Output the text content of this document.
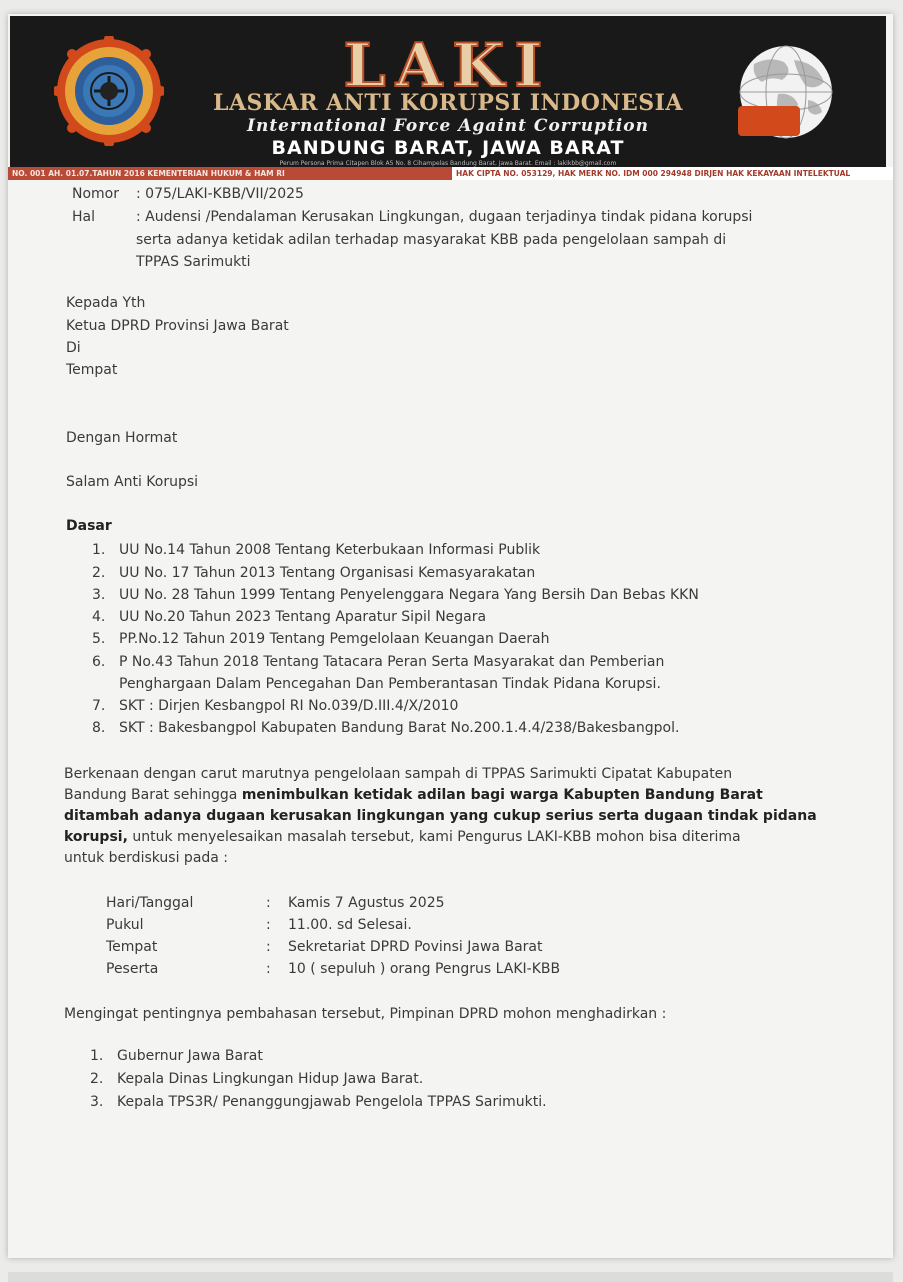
LAKI
LASKAR ANTI KORUPSI INDONESIA
International Force Againt Corruption
BANDUNG BARAT, JAWA BARAT
Perum Persona Prima Citapen Blok A5 No. 8 Cihampelas Bandung Barat, Jawa Barat. Email : lakikbb@gmail.com
NO. 001 AH. 01.07.TAHUN 2016 KEMENTERIAN HUKUM & HAM RI	HAK CIPTA NO. 053129, HAK MERK NO. IDM 000 294948 DIRJEN HAK KEKAYAAN INTELEKTUAL
Nomor : 075/LAKI-KBB/VII/2025
Hal	: Audensi /Pendalaman Kerusakan Lingkungan, dugaan terjadinya tindak pidana korupsi
serta adanya ketidak adilan terhadap masyarakat KBB pada pengelolaan sampah di
TPPAS Sarimukti
Kepada Yth
Ketua DPRD Provinsi Jawa Barat
Di
Tempat
Dengan Hormat
Salam Anti Korupsi
Dasar
1. UU No.14 Tahun 2008 Tentang Keterbukaan Informasi Publik
2. UU No. 17 Tahun 2013 Tentang Organisasi Kemasyarakatan
3. UU No. 28 Tahun 1999 Tentang Penyelenggara Negara Yang Bersih Dan Bebas KKN
4. UU No.20 Tahun 2023 Tentang Aparatur Sipil Negara
5. PP.No.12 Tahun 2019 Tentang Pemgelolaan Keuangan Daerah
6. P No.43 Tahun 2018 Tentang Tatacara Peran Serta Masyarakat dan Pemberian
Penghargaan Dalam Pencegahan Dan Pemberantasan Tindak Pidana Korupsi.
7. SKT : Dirjen Kesbangpol RI No.039/D.III.4/X/2010
8. SKT : Bakesbangpol Kabupaten Bandung Barat No.200.1.4.4/238/Bakesbangpol.
Berkenaan dengan carut marutnya pengelolaan sampah di TPPAS Sarimukti Cipatat Kabupaten
Bandung Barat sehingga menimbulkan ketidak adilan bagi warga Kabupten Bandung Barat
ditambah adanya dugaan kerusakan lingkungan yang cukup serius serta dugaan tindak pidana
korupsi, untuk menyelesaikan masalah tersebut, kami Pengurus LAKI-KBB mohon bisa diterima
untuk berdiskusi pada :
Hari/Tanggal	: Kamis 7 Agustus 2025
Pukul	: 11.00. sd Selesai.
Tempat	: Sekretariat DPRD Povinsi Jawa Barat
Peserta	: 10 ( sepuluh ) orang Pengrus LAKI-KBB
Mengingat pentingnya pembahasan tersebut, Pimpinan DPRD mohon menghadirkan :
1. Gubernur Jawa Barat
2. Kepala Dinas Lingkungan Hidup Jawa Barat.
3. Kepala TPS3R/ Penanggungjawab Pengelola TPPAS Sarimukti.
